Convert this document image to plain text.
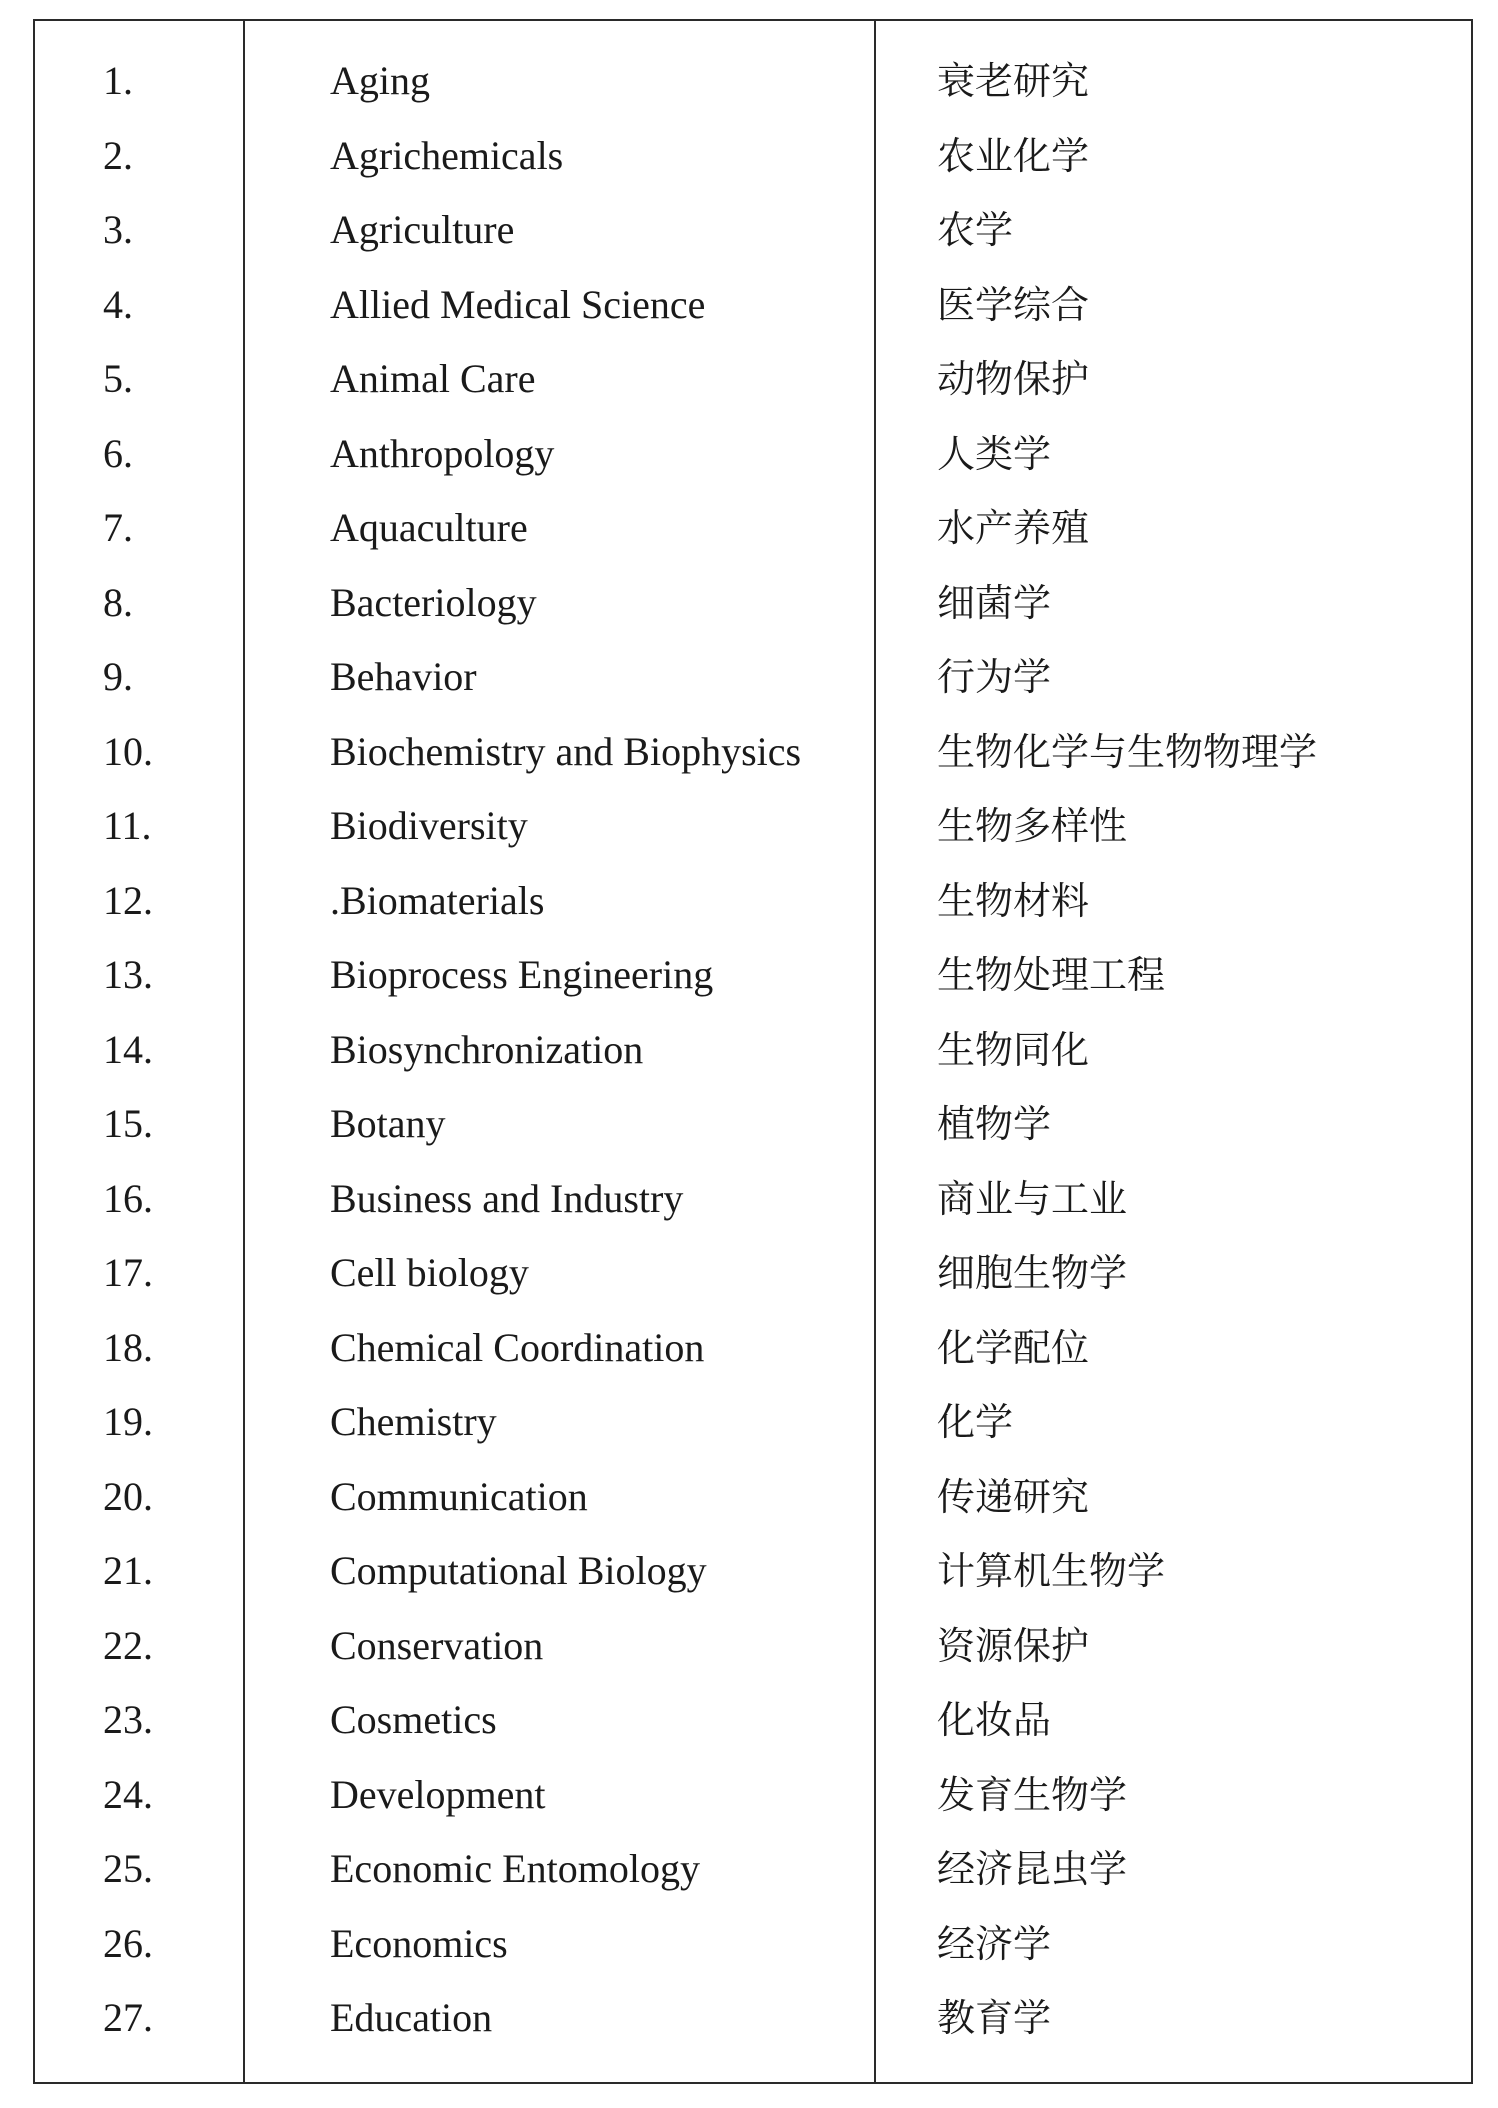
1.	Aging	衰老研究
2.	Agrichemicals	农业化学
3.	Agriculture	农学
4.	Allied Medical Science	医学综合
5.	Animal Care	动物保护
6.	Anthropology	人类学
7.	Aquaculture	水产养殖
8.	Bacteriology	细菌学
9.	Behavior	行为学
10.	Biochemistry and Biophysics	生物化学与生物物理学
11.	Biodiversity	生物多样性
12.	.Biomaterials	生物材料
13.	Bioprocess Engineering	生物处理工程
14.	Biosynchronization	生物同化
15.	Botany	植物学
16.	Business and Industry	商业与工业
17.	Cell biology	细胞生物学
18.	Chemical Coordination	化学配位
19.	Chemistry	化学
20.	Communication	传递研究
21.	Computational Biology	计算机生物学
22.	Conservation	资源保护
23.	Cosmetics	化妆品
24.	Development	发育生物学
25.	Economic Entomology	经济昆虫学
26.	Economics	经济学
27.	Education	教育学
